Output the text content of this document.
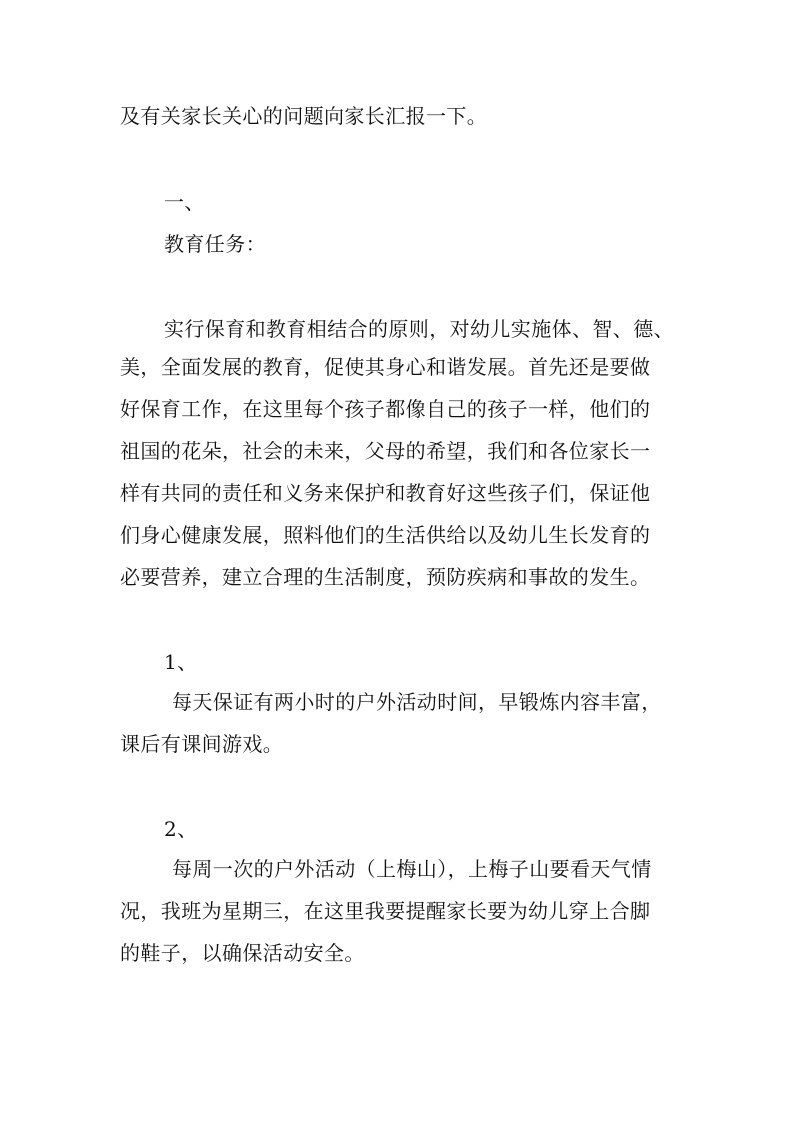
及有关家长关心的问题向家长汇报一下。
一、
教育任务：
实行保育和教育相结合的原则，对幼儿实施体、智、德、
美，全面发展的教育，促使其身心和谐发展。首先还是要做
好保育工作，在这里每个孩子都像自己的孩子一样，他们的
祖国的花朵，社会的未来，父母的希望，我们和各位家长一
样有共同的责任和义务来保护和教育好这些孩子们，保证他
们身心健康发展，照料他们的生活供给以及幼儿生长发育的
必要营养，建立合理的生活制度，预防疾病和事故的发生。
1、
每天保证有两小时的户外活动时间，早锻炼内容丰富，
课后有课间游戏。
2、
每周一次的户外活动（上梅山），上梅子山要看天气情
况，我班为星期三，在这里我要提醒家长要为幼儿穿上合脚
的鞋子，以确保活动安全。
